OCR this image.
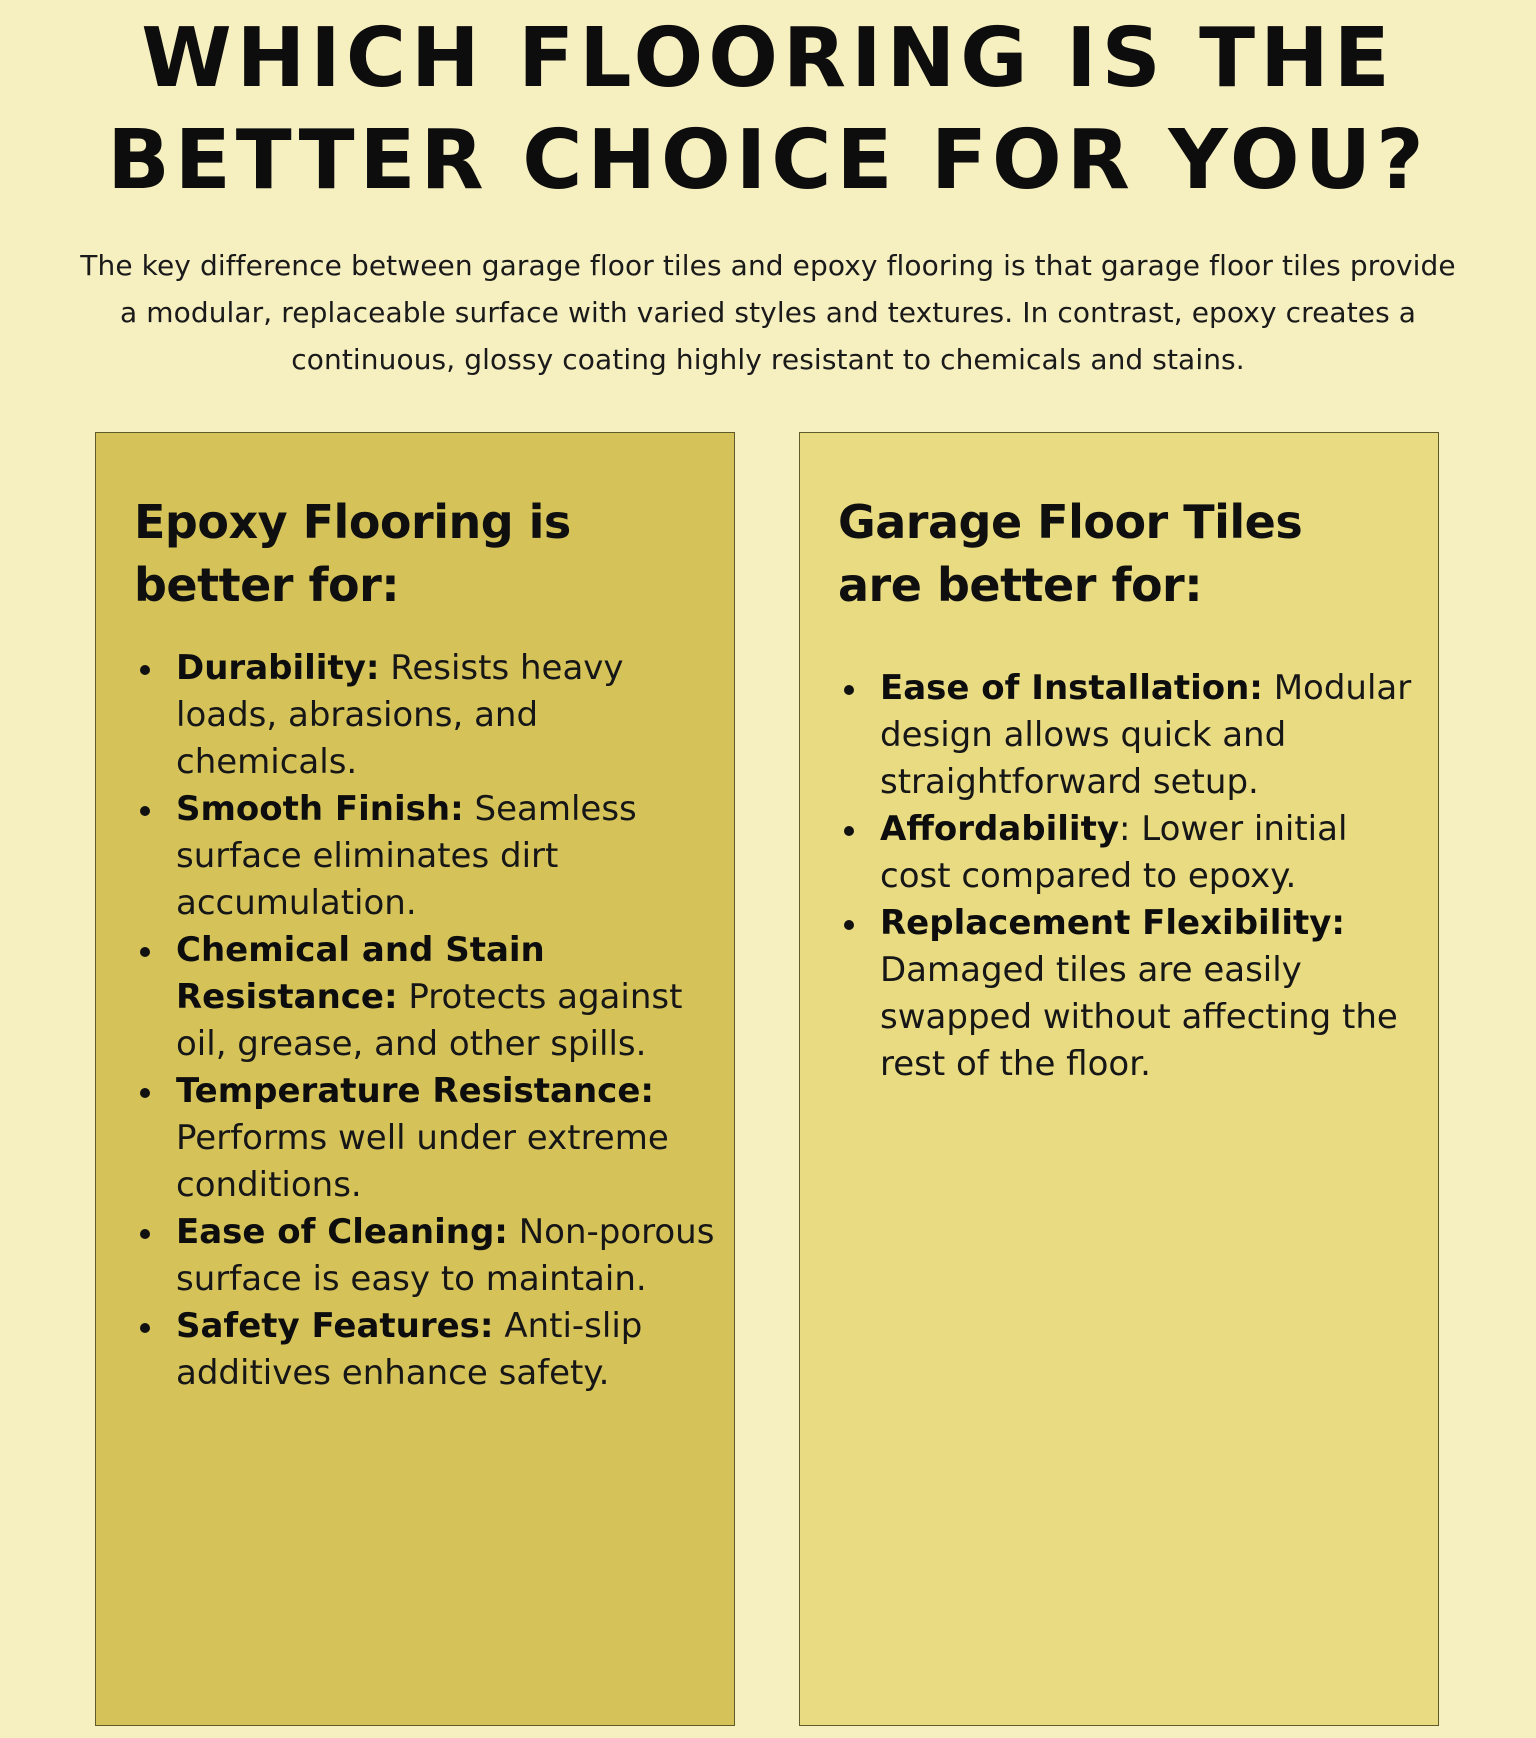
WHICH FLOORING IS THE
BETTER CHOICE FOR YOU?

The key difference between garage floor tiles and epoxy flooring is that garage floor tiles provide a modular, replaceable surface with varied styles and textures. In contrast, epoxy creates a continuous, glossy coating highly resistant to chemicals and stains.

Epoxy Flooring is
better for:
Durability: Resists heavy loads, abrasions, and chemicals.
Smooth Finish: Seamless surface eliminates dirt accumulation.
Chemical and Stain Resistance: Protects against oil, grease, and other spills.
Temperature Resistance: Performs well under extreme conditions.
Ease of Cleaning: Non-porous surface is easy to maintain.
Safety Features: Anti-slip additives enhance safety.
Garage Floor Tiles
are better for:
Ease of Installation: Modular design allows quick and straightforward setup.
Affordability: Lower initial cost compared to epoxy.
Replacement Flexibility: Damaged tiles are easily swapped without affecting the rest of the floor.
